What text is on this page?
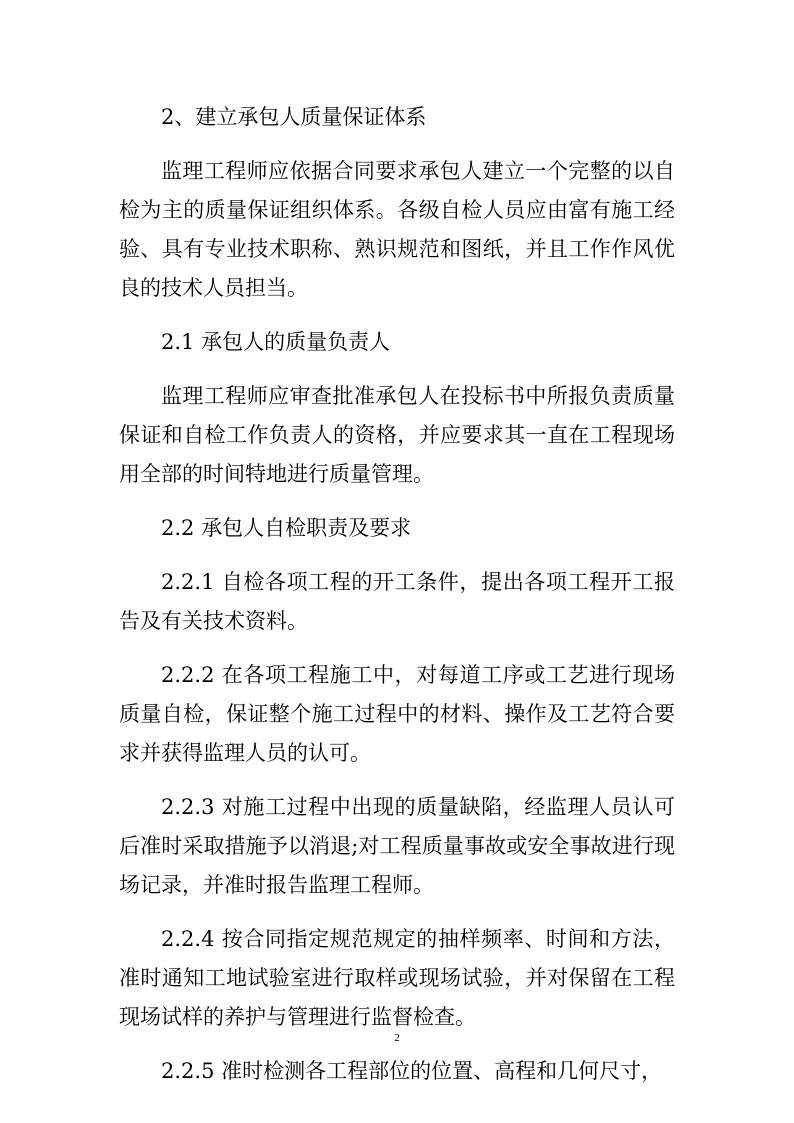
2、建立承包人质量保证体系

监理工程师应依据合同要求承包人建立一个完整的以自检为主的质量保证组织体系。各级自检人员应由富有施工经验、具有专业技术职称、熟识规范和图纸，并且工作作风优良的技术人员担当。

2.1 承包人的质量负责人

监理工程师应审查批准承包人在投标书中所报负责质量保证和自检工作负责人的资格，并应要求其一直在工程现场用全部的时间特地进行质量管理。

2.2 承包人自检职责及要求

2.2.1 自检各项工程的开工条件，提出各项工程开工报告及有关技术资料。

2.2.2 在各项工程施工中，对每道工序或工艺进行现场质量自检，保证整个施工过程中的材料、操作及工艺符合要求并获得监理人员的认可。

2.2.3 对施工过程中出现的质量缺陷，经监理人员认可后准时采取措施予以消退;对工程质量事故或安全事故进行现场记录，并准时报告监理工程师。

2.2.4 按合同指定规范规定的抽样频率、时间和方法，准时通知工地试验室进行取样或现场试验，并对保留在工程现场试样的养护与管理进行监督检查。

2.2.5 准时检测各工程部位的位置、高程和几何尺寸，

2
